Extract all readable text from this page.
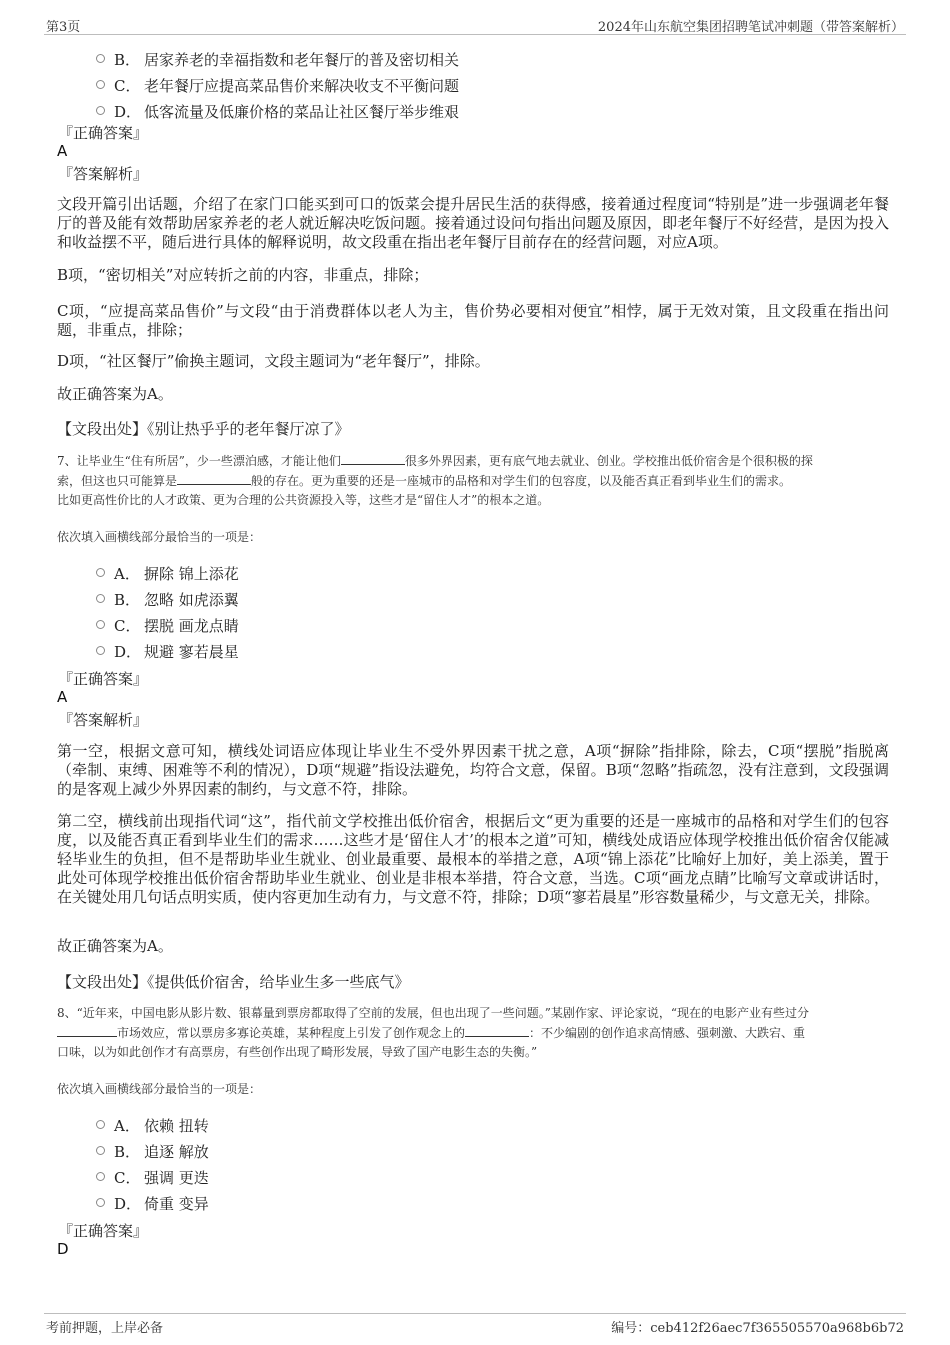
第3页	2024年山东航空集团招聘笔试冲刺题（带答案解析）
B． 居家养老的幸福指数和老年餐厅的普及密切相关
C． 老年餐厅应提高菜品售价来解决收支不平衡问题
D． 低客流量及低廉价格的菜品让社区餐厅举步维艰
『正确答案』
A
『答案解析』
文段开篇引出话题，介绍了在家门口能买到可口的饭菜会提升居民生活的获得感，接着通过程度词“特别是”进一步强调老年餐厅的普及能有效帮助居家养老的老人就近解决吃饭问题。接着通过设问句指出问题及原因，即老年餐厅不好经营，是因为投入和收益摆不平，随后进行具体的解释说明，故文段重在指出老年餐厅目前存在的经营问题，对应A项。
B项，“密切相关”对应转折之前的内容，非重点，排除；
C项，“应提高菜品售价”与文段“由于消费群体以老人为主，售价势必要相对便宜”相悖，属于无效对策，且文段重在指出问题，非重点，排除；
D项，“社区餐厅”偷换主题词，文段主题词为“老年餐厅”，排除。
故正确答案为A。
【文段出处】《别让热乎乎的老年餐厅凉了》
7、让毕业生“住有所居”，少一些漂泊感，才能让他们	很多外界因素，更有底气地去就业、创业。学校推出低价宿舍是个很积极的探
索，但这也只可能算是	般的存在。更为重要的还是一座城市的品格和对学生们的包容度，以及能否真正看到毕业生们的需求。
比如更高性价比的人才政策、更为合理的公共资源投入等，这些才是“留住人才”的根本之道。
依次填入画横线部分最恰当的一项是：
A． 摒除 锦上添花
B． 忽略 如虎添翼
C． 摆脱 画龙点睛
D． 规避 寥若晨星
『正确答案』
A
『答案解析』
第一空，根据文意可知，横线处词语应体现让毕业生不受外界因素干扰之意，A项“摒除”指排除，除去，C项“摆脱”指脱离（牵制、束缚、困难等不利的情况），D项“规避”指设法避免，均符合文意，保留。B项“忽略”指疏忽，没有注意到，文段强调的是客观上减少外界因素的制约，与文意不符，排除。
第二空，横线前出现指代词“这”，指代前文学校推出低价宿舍，根据后文“更为重要的还是一座城市的品格和对学生们的包容度，以及能否真正看到毕业生们的需求……这些才是‘留住人才’的根本之道”可知，横线处成语应体现学校推出低价宿舍仅能减轻毕业生的负担，但不是帮助毕业生就业、创业最重要、最根本的举措之意，A项“锦上添花”比喻好上加好，美上添美，置于此处可体现学校推出低价宿舍帮助毕业生就业、创业是非根本举措，符合文意，当选。C项“画龙点睛”比喻写文章或讲话时，在关键处用几句话点明实质，使内容更加生动有力，与文意不符，排除；D项“寥若晨星”形容数量稀少，与文意无关，排除。
故正确答案为A。
【文段出处】《提供低价宿舍，给毕业生多一些底气》
8、“近年来，中国电影从影片数、银幕量到票房都取得了空前的发展，但也出现了一些问题。”某剧作家、评论家说，“现在的电影产业有些过分
市场效应，常以票房多寡论英雄，某种程度上引发了创作观念上的	：不少编剧的创作追求高情感、强刺激、大跌宕、重
口味，以为如此创作才有高票房，有些创作出现了畸形发展，导致了国产电影生态的失衡。”
依次填入画横线部分最恰当的一项是：
A． 依赖 扭转
B． 追逐 解放
C． 强调 更迭
D． 倚重 变异
『正确答案』
D
考前押题，上岸必备	编号：ceb412f26aec7f365505570a968b6b72
